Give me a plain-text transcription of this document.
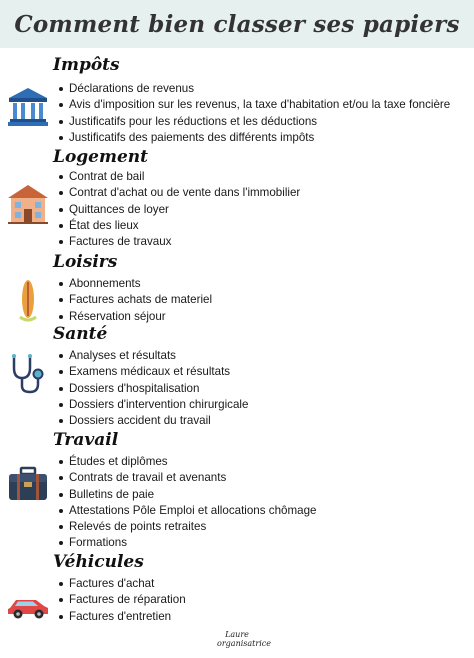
Comment bien classer ses papiers
Impôts
Déclarations de revenus
Avis d'imposition sur les revenus, la taxe d'habitation et/ou la taxe foncière
Justificatifs pour les réductions et les déductions
Justificatifs des paiements des différents impôts
Logement
Contrat de bail
Contrat d'achat ou de vente dans l'immobilier
Quittances de loyer
État des lieux
Factures de travaux
Loisirs
Abonnements
Factures achats de materiel
Réservation séjour
Santé
Analyses et résultats
Examens médicaux et résultats
Dossiers d'hospitalisation
Dossiers d'intervention chirurgicale
Dossiers accident du travail
Travail
Études et diplômes
Contrats de travail et avenants
Bulletins de paie
Attestations Pôle Emploi et allocations chômage
Relevés de points retraites
Formations
Véhicules
Factures d'achat
Factures de réparation
Factures d'entretien
Laure
organisatrice
